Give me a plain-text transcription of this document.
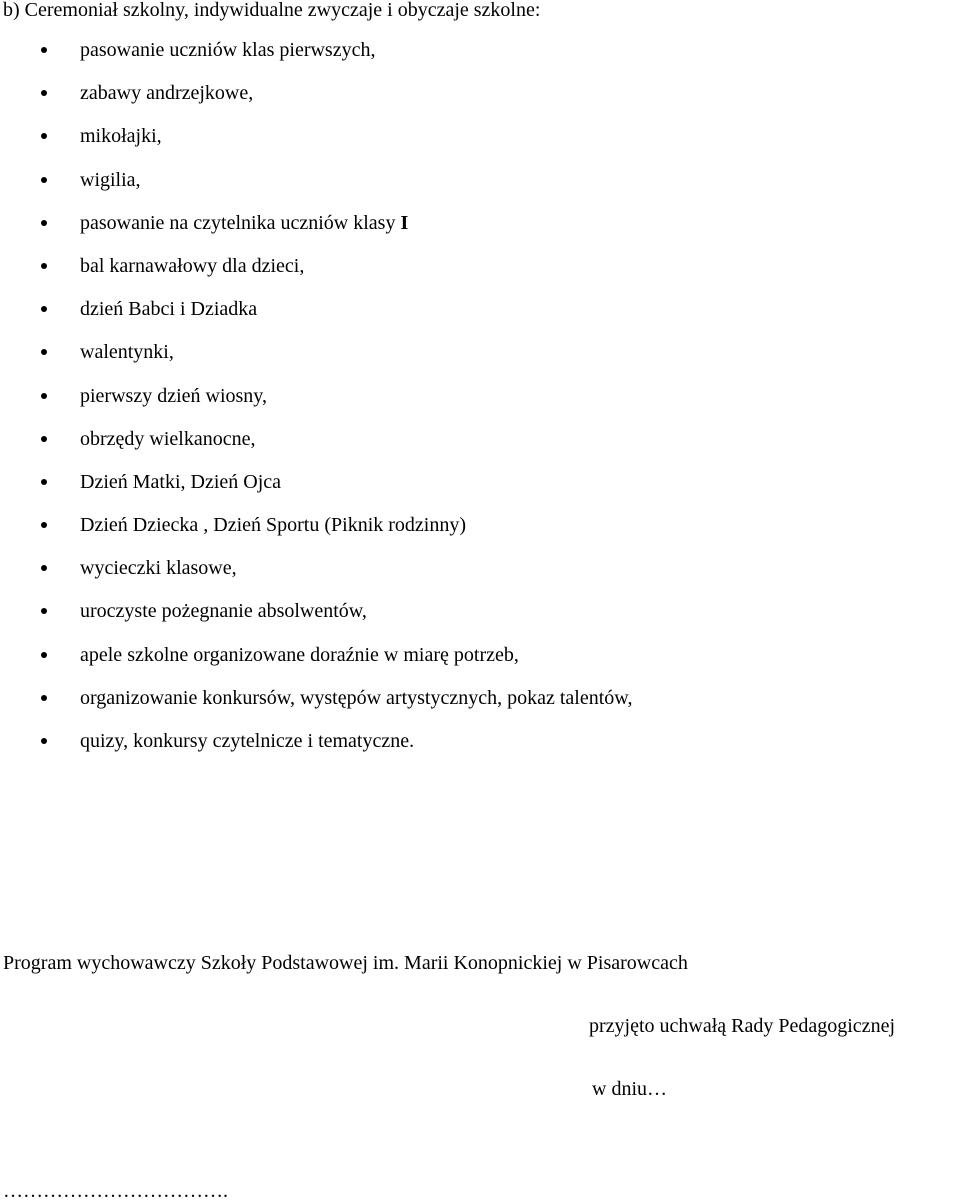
b) Ceremoniał szkolny, indywidualne zwyczaje i obyczaje szkolne:
pasowanie uczniów klas pierwszych,
zabawy andrzejkowe,
mikołajki,
wigilia,
pasowanie na czytelnika uczniów klasy I
bal karnawałowy dla dzieci,
dzień Babci i Dziadka
walentynki,
pierwszy dzień wiosny,
obrzędy wielkanocne,
Dzień Matki, Dzień Ojca
Dzień Dziecka , Dzień Sportu (Piknik rodzinny)
wycieczki klasowe,
uroczyste pożegnanie absolwentów,
apele szkolne organizowane doraźnie w miarę potrzeb,
organizowanie konkursów, występów artystycznych, pokaz talentów,
quizy, konkursy czytelnicze i tematyczne.
Program wychowawczy Szkoły Podstawowej im. Marii Konopnickiej w Pisarowcach
przyjęto uchwałą Rady Pedagogicznej
w dniu…
…………………………….
